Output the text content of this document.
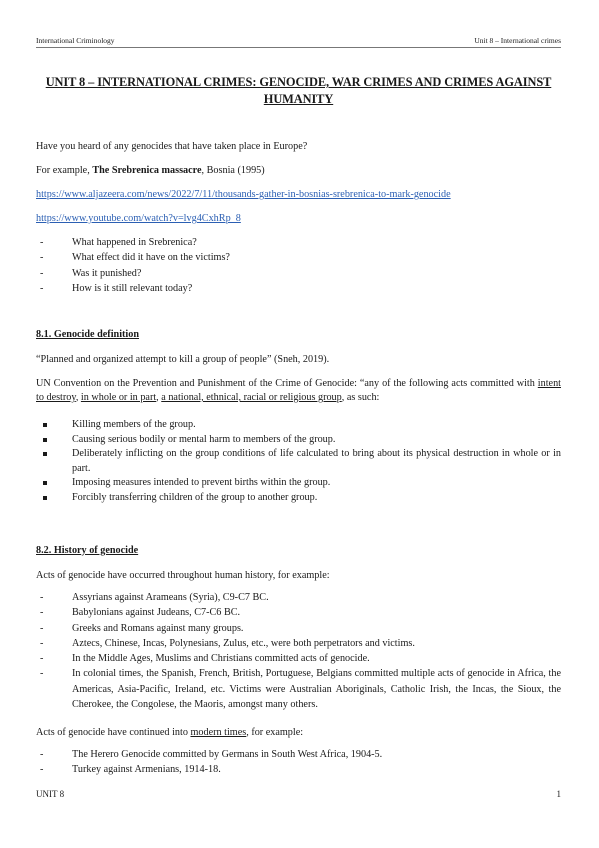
International Criminology	Unit 8 – International crimes
UNIT 8 – INTERNATIONAL CRIMES: GENOCIDE, WAR CRIMES AND CRIMES AGAINST HUMANITY
Have you heard of any genocides that have taken place in Europe?
For example, The Srebrenica massacre, Bosnia (1995)
https://www.aljazeera.com/news/2022/7/11/thousands-gather-in-bosnias-srebrenica-to-mark-genocide
https://www.youtube.com/watch?v=lvg4CxhRp_8
- What happened in Srebrenica?
- What effect did it have on the victims?
- Was it punished?
- How is it still relevant today?
8.1. Genocide definition
“Planned and organized attempt to kill a group of people” (Sneh, 2019).
UN Convention on the Prevention and Punishment of the Crime of Genocide: “any of the following acts committed with intent to destroy, in whole or in part, a national, ethnical, racial or religious group, as such:
Killing members of the group.
Causing serious bodily or mental harm to members of the group.
Deliberately inflicting on the group conditions of life calculated to bring about its physical destruction in whole or in part.
Imposing measures intended to prevent births within the group.
Forcibly transferring children of the group to another group.
8.2. History of genocide
Acts of genocide have occurred throughout human history, for example:
- Assyrians against Arameans (Syria), C9-C7 BC.
- Babylonians against Judeans, C7-C6 BC.
- Greeks and Romans against many groups.
- Aztecs, Chinese, Incas, Polynesians, Zulus, etc., were both perpetrators and victims.
- In the Middle Ages, Muslims and Christians committed acts of genocide.
- In colonial times, the Spanish, French, British, Portuguese, Belgians committed multiple acts of genocide in Africa, the Americas, Asia-Pacific, Ireland, etc. Victims were Australian Aboriginals, Catholic Irish, the Incas, the Sioux, the Cherokee, the Congolese, the Maoris, amongst many others.
Acts of genocide have continued into modern times, for example:
- The Herero Genocide committed by Germans in South West Africa, 1904-5.
- Turkey against Armenians, 1914-18.
UNIT 8	1
